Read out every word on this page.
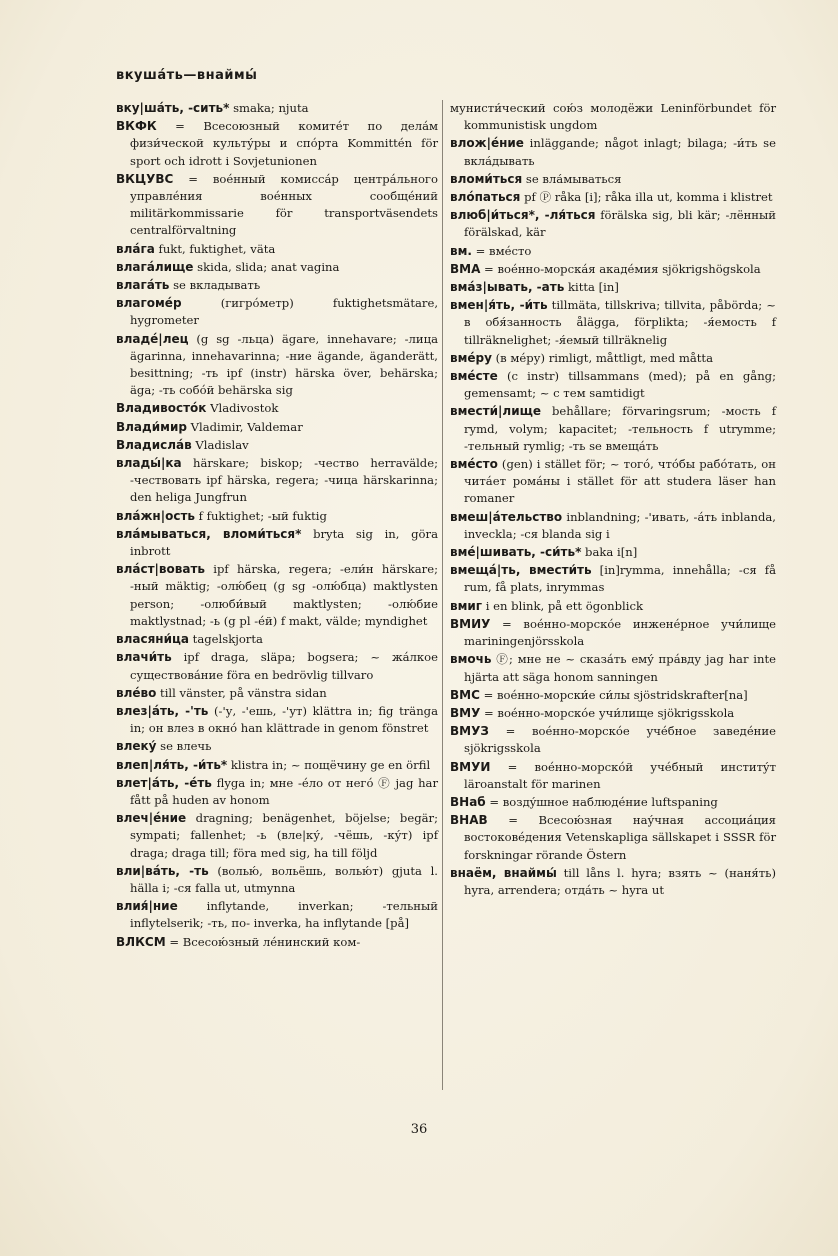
вкушáть—внаймы́
вку|шáть, -сить* smaka; njuta
ВКФК = Всесоюзный комитéт по делáм физи́ческой культу́ры и спóрта Kommittén för sport och idrott i Sovjetunionen
ВКЦУВС = воéнный комиссáр центрáльного управлéния воéнных сообщéний militärkommissarie för transportväsendets centralförvaltning
влáга fukt, fuktighet, väta
влагáлище skida, slida; anat vagina
влагáть se вкладывать
влагомéр (гигрóметр) fuktighetsmätare, hygrometer
владé|лец (g sg -льца) ägare, innehavare; -лица ägarinna, innehavarinna; -ние ägande, äganderätt, besittning; -ть ipf (instr) härska över, behärska; äga; -ть собóй behärska sig
Владивостóк Vladivostok
Влади́мир Vladimir, Valdemar
Владислáв Vladislav
влады́|ка härskare; biskop; -чество herravälde; -чествовать ipf härska, regera; -чица härskarinna; den heliga Jungfrun
влáжн|ость f fuktighet; -ый fuktig
влáмываться, вломи́ться* bryta sig in, göra inbrott
влáст|вовать ipf härska, regera; -ели́н härskare; -ный mäktig; -олю́бец (g sg -олю́бца) maktlysten person; -олюби́вый maktlysten; -олю́бие maktlystnad; -ь (g pl -éй) f makt, välde; myndighet
власяни́ца tagelskjorta
влачи́ть ipf draga, släpa; bogsera; ~ жáлкое существовáние föra en bedrövlig tillvaro
влéво till vänster, på vänstra sidan
влез|áть, -'ть (-'у, -'ешь, -'ут) klättra in; fig tränga in; он влез в окнó han klättrade in genom fönstret
влеку́ se влечь
влеп|ля́ть, -и́ть* klistra in; ~ пощёчину ge en örfil
влет|áть, -éть flyga in; мне -éло от негó Ⓕ jag har fått på huden av honom
влеч|éние dragning; benägenhet, böjelse; begär; sympati; fallenhet; -ь (вле|ку́, -чёшь, -ку́т) ipf draga; draga till; föra med sig, ha till följd
вли|вáть, -ть (волью́, вольёшь, волью́т) gjuta l. hälla i; -ся falla ut, utmynna
влия́|ние inflytande, inverkan; -тельный inflytelserik; -ть, по- inverka, ha inflytande [på]
ВЛКСМ = Всесою́зный лéнинский ком-
мунисти́ческий сою́з молодёжи Leninförbundet för kommunistisk ungdom
влож|éние inläggande; något inlagt; bilaga; -и́ть se вкла́дывать
вломи́ться se вла́мываться
влóпаться pf Ⓟ råka [i]; råka illa ut, komma i klistret
влюб|и́ться*, -ля́ться förälska sig, bli kär; -лённый förälskad, kär
вм. = вмéсто
ВМА = воéнно-морскáя акадéмия sjökrigshögskola
вмáз|ывать, -ать kitta [in]
вмен|я́ть, -и́ть tillmäta, tillskriva; tillvita, påbörda; ~ в обя́занность ålägga, förplikta; -я́емость f tillräknelighet; -я́емый tillräknelig
вмéру (в мéру) rimligt, måttligt, med måtta
вмéсте (с instr) tillsammans (med); på en gång; gemensamt; ~ с тем samtidigt
вмести́|лище behållare; förvaringsrum; -мость f rymd, volym; kapacitet; -тельность f utrymme; -тельный rymlig; -ть se вмещáть
вмéсто (gen) i stället för; ~ тогó, чтóбы рабóтать, он читáет ромáны i stället för att studera läser han romaner
вмеш|áтельство inblandning; -'ивать, -áть inblanda, inveckla; -ся blanda sig i
вмé|шивать, -си́ть* baka i[n]
вмещá|ть, вмести́ть [in]rymma, innehålla; -ся få rum, få plats, inrymmas
вмиг i en blink, på ett ögonblick
ВМИУ = воéнно-морскóе инженéрное учи́лище mariningenjörsskola
вмочь Ⓕ; мне не ~ сказáть емý прáвду jag har inte hjärta att säga honom sanningen
ВМС = воéнно-морски́е си́лы sjöstridskrafter[na]
ВМУ = воéнно-морскóе учи́лище sjökrigsskola
ВМУЗ = воéнно-морскóе учéбное заведéние sjökrigsskola
ВМУИ = воéнно-морскóй учéбный инститýт läroanstalt för marinen
ВНаб = воздýшное наблюдéние luftspaning
ВНАВ = Всесою́зная нау́чная ассоциáция востоковéдения Vetenskapliga sällskapet i SSSR för forskningar rörande Östern
внаём, внаймы́ till låns l. hyra; взять ~ (наня́ть) hyra, arrendera; отдáть ~ hyra ut
36
